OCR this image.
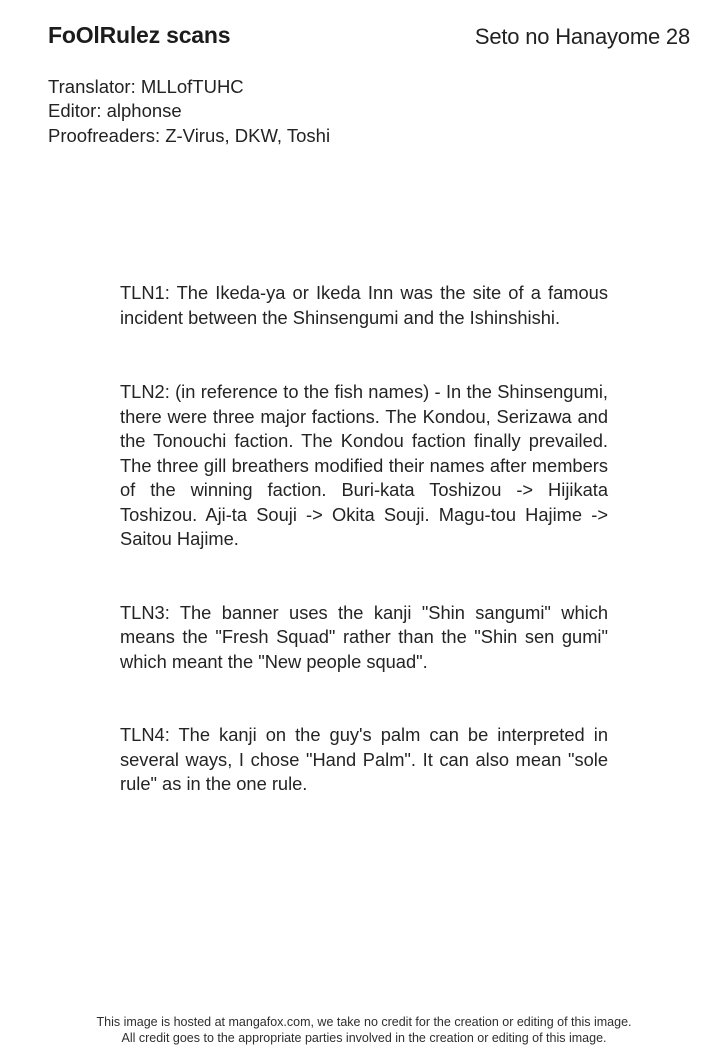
FoOlRulez scans	Seto no Hanayome 28
Translator: MLLofTUHC
Editor: alphonse
Proofreaders: Z-Virus, DKW, Toshi

TLN1: The Ikeda-ya or Ikeda Inn was the site of a famous incident between the Shinsengumi and the Ishinshishi.

TLN2: (in reference to the fish names) - In the Shinsengumi, there were three major factions. The Kondou, Serizawa and the Tonouchi faction. The Kondou faction finally prevailed. The three gill breathers modified their names after members of the winning faction. Buri-kata Toshizou -> Hijikata Toshizou. Aji-ta Souji -> Okita Souji. Magu-tou Hajime -> Saitou Hajime.

TLN3: The banner uses the kanji "Shin sangumi" which means the "Fresh Squad" rather than the "Shin sen gumi" which meant the "New people squad".

TLN4: The kanji on the guy's palm can be interpreted in several ways, I chose "Hand Palm". It can also mean "sole rule" as in the one rule.

This image is hosted at mangafox.com, we take no credit for the creation or editing of this image.
All credit goes to the appropriate parties involved in the creation or editing of this image.
